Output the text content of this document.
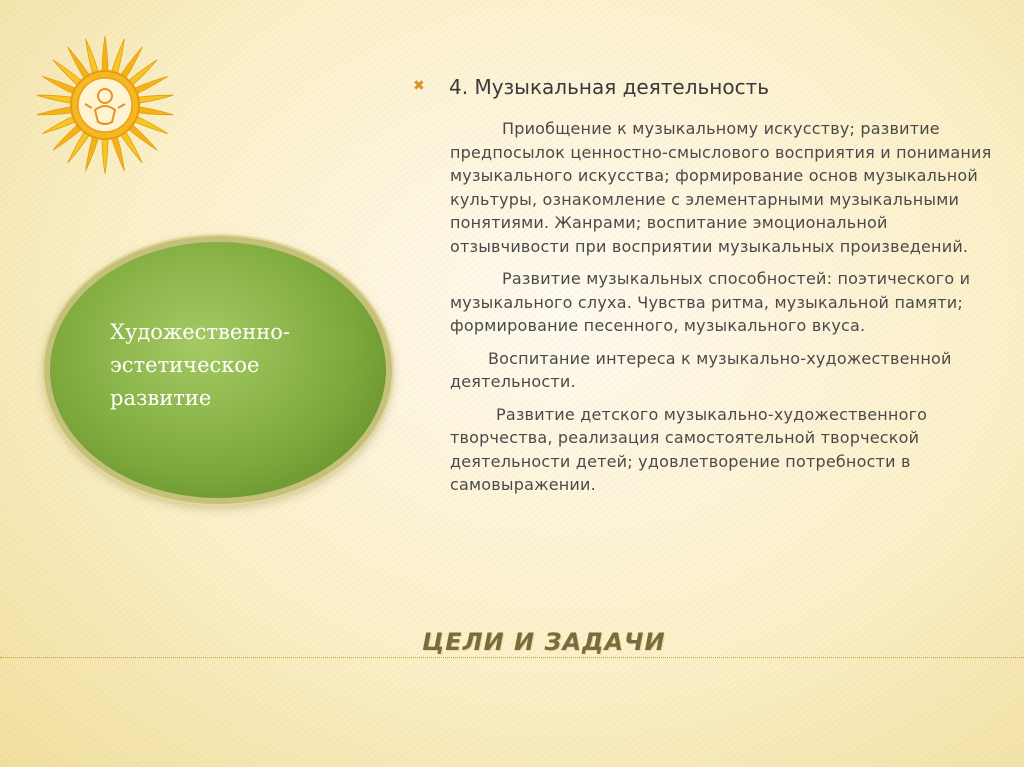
Художественно-
эстетическое
развитие
✖ 4. Музыкальная деятельность

Приобщение к музыкальному искусству; развитие предпосылок ценностно-смыслового восприятия и понимания музыкального искусства; формирование основ музыкальной культуры, ознакомление с элементарными музыкальными понятиями. Жанрами; воспитание эмоциональной отзывчивости при восприятии музыкальных произведений.

Развитие музыкальных способностей: поэтического и музыкального слуха. Чувства ритма, музыкальной памяти; формирование песенного, музыкального вкуса.

Воспитание интереса к музыкально-художественной деятельности.

Развитие детского музыкально-художественного творчества, реализация самостоятельной творческой деятельности детей; удовлетворение потребности в самовыражении.

ЦЕЛИ И ЗАДАЧИ
